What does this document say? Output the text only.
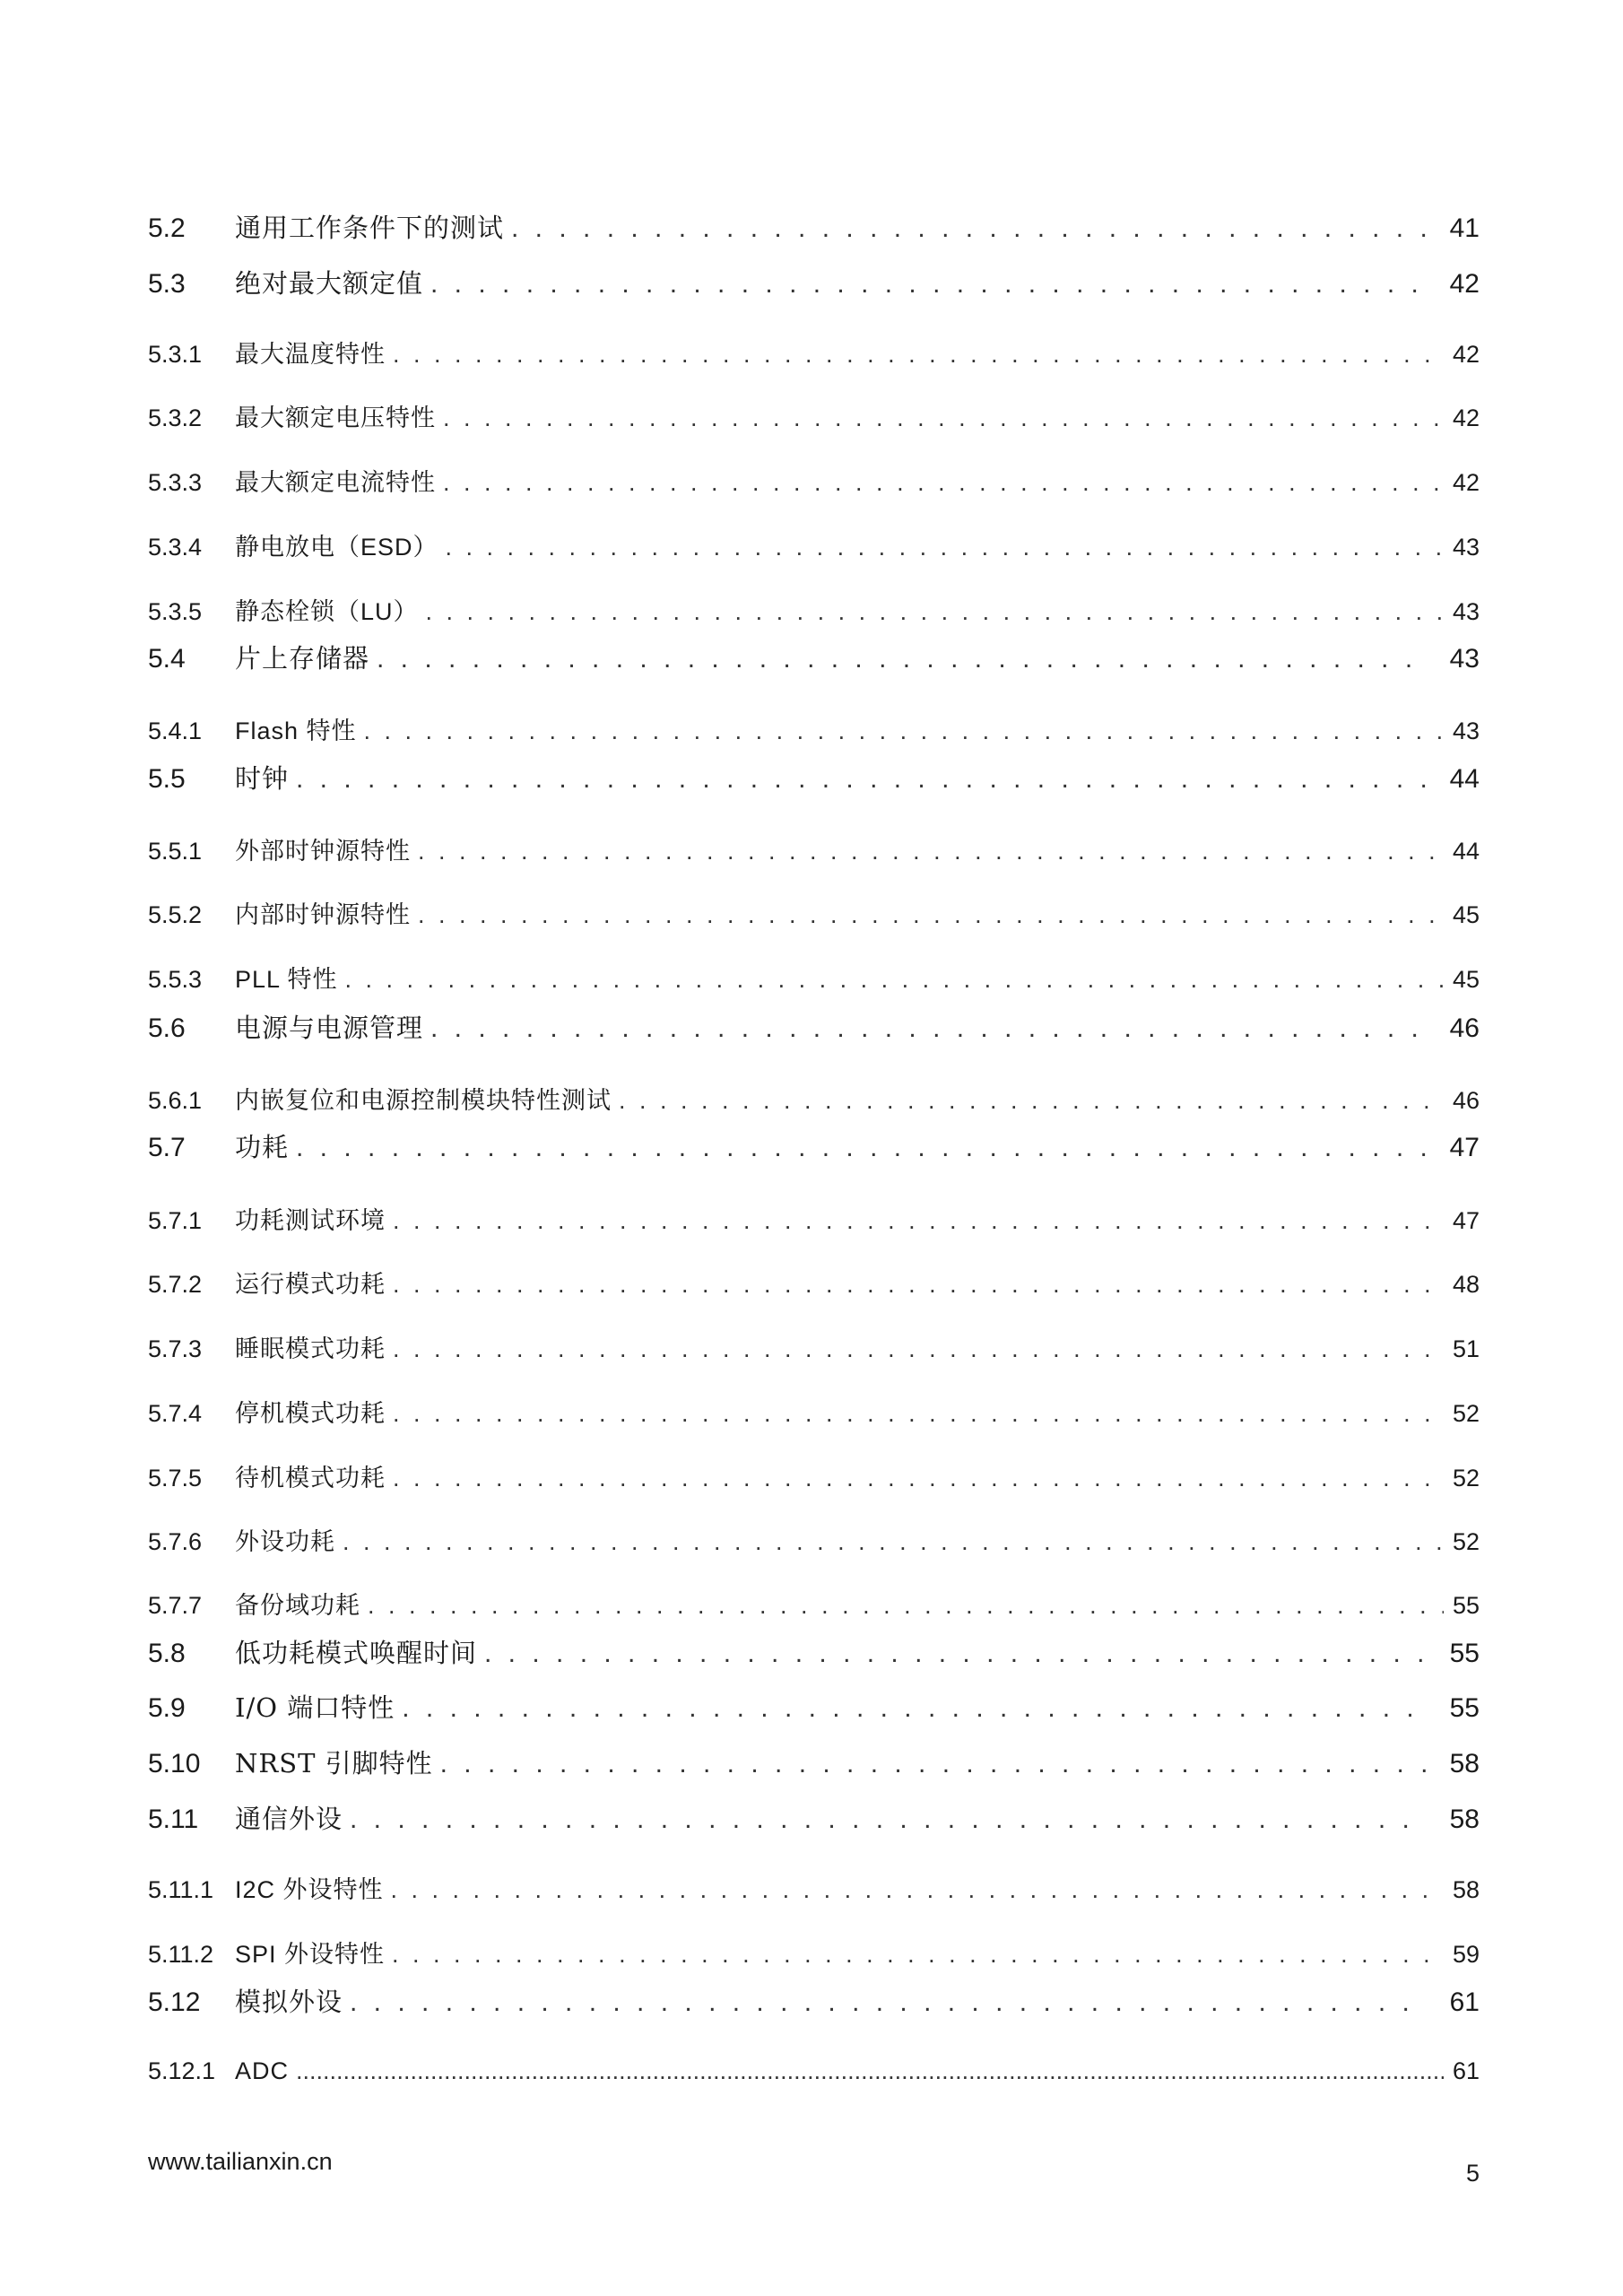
5.2	通用工作条件下的测试 . . .	41
5.3	绝对最大额定值 . . .	42
5.3.1	最大温度特性 . . .	42
5.3.2	最大额定电压特性 . . .	42
5.3.3	最大额定电流特性 . . .	42
5.3.4	静电放电（ESD） . . .	43
5.3.5	静态栓锁（LU） . . .	43
5.4	片上存储器 . . .	43
5.4.1	Flash 特性 . . .	43
5.5	时钟 . . .	44
5.5.1	外部时钟源特性 . . .	44
5.5.2	内部时钟源特性 . . .	45
5.5.3	PLL 特性 . . .	45
5.6	电源与电源管理 . . .	46
5.6.1	内嵌复位和电源控制模块特性测试 . . .	46
5.7	功耗 . . .	47
5.7.1	功耗测试环境 . . .	47
5.7.2	运行模式功耗 . . .	48
5.7.3	睡眠模式功耗 . . .	51
5.7.4	停机模式功耗 . . .	52
5.7.5	待机模式功耗 . . .	52
5.7.6	外设功耗 . . .	52
5.7.7	备份域功耗 . . .	55
5.8	低功耗模式唤醒时间 . . .	55
5.9	I/O 端口特性 . . .	55
5.10	NRST 引脚特性 . . .	58
5.11	通信外设 . . .	58
5.11.1 I2C 外设特性 . . .	58
5.11.2 SPI 外设特性 . . .	59
5.12	模拟外设 . . .	61
5.12.1 ADC .....	61
www.tailianxin.cn	5
